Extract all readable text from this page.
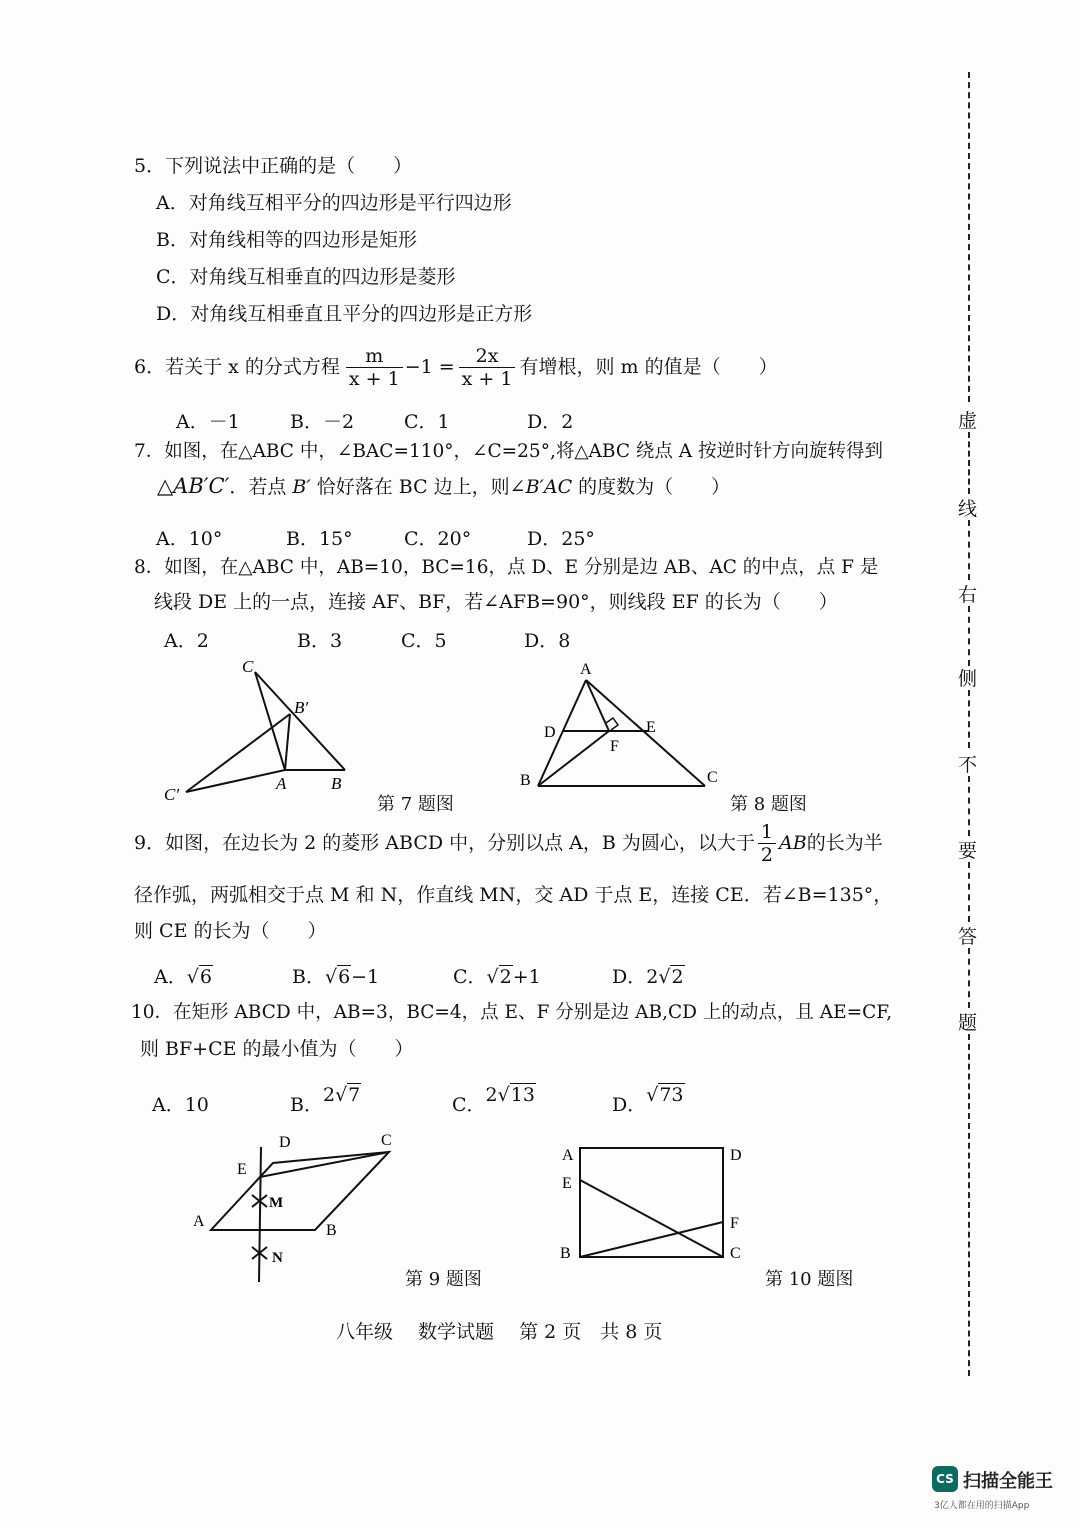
5．下列说法中正确的是（　　）
A．对角线互相平分的四边形是平行四边形
B．对角线相等的四边形是矩形
C．对角线互相垂直的四边形是菱形
D．对角线互相垂直且平分的四边形是正方形
6．若关于 x 的分式方程 $\frac{m}{x + 1} -1 = \frac{2x}{x + 1}$ 有增根，则 m 的值是（　　）
A．－1	B．－2	C．1	D．2
7．如图，在△ABC 中，∠BAC=110°，∠C=25°,将△ABC 绕点 A 按逆时针方向旋转得到
△AB′C′．若点 B′ 恰好落在 BC 边上，则∠B′AC 的度数为（　　）
A．10°	B．15°	C．20°	D．25°
8．如图，在△ABC 中，AB=10，BC=16，点 D、E 分别是边 AB、AC 的中点，点 F 是
线段 DE 上的一点，连接 AF、BF，若∠AFB=90°，则线段 EF 的长为（　　）
A．2	B．3	C．5	D．8
C
B′
C′
A	B
第 7 题图
A
D	E
F
B	C
第 8 题图
9．如图，在边长为 2 的菱形 ABCD 中，分别以点 A，B 为圆心，以大于 $\frac{1}{2}$ AB 的长为半
径作弧，两弧相交于点 M 和 N，作直线 MN，交 AD 于点 E，连接 CE．若∠B=135°，
则 CE 的长为（　　）
A．√6	B．√6−1	C．√2+1	D．2√2
10．在矩形 ABCD 中，AB=3，BC=4，点 E、F 分别是边 AB,CD 上的动点，且 AE=CF,
则 BF+CE 的最小值为（　　）
A．10	B．2√7	C．2√13	D．√73
D	C
E
M
A
B
N
第 9 题图
A	D
E
F
B	C
第 10 题图
八年级　 数学试题 　第 2 页　共 8 页
虚
线
右
侧
不
要
答
题
CS 扫描全能王
3亿人都在用的扫描App
